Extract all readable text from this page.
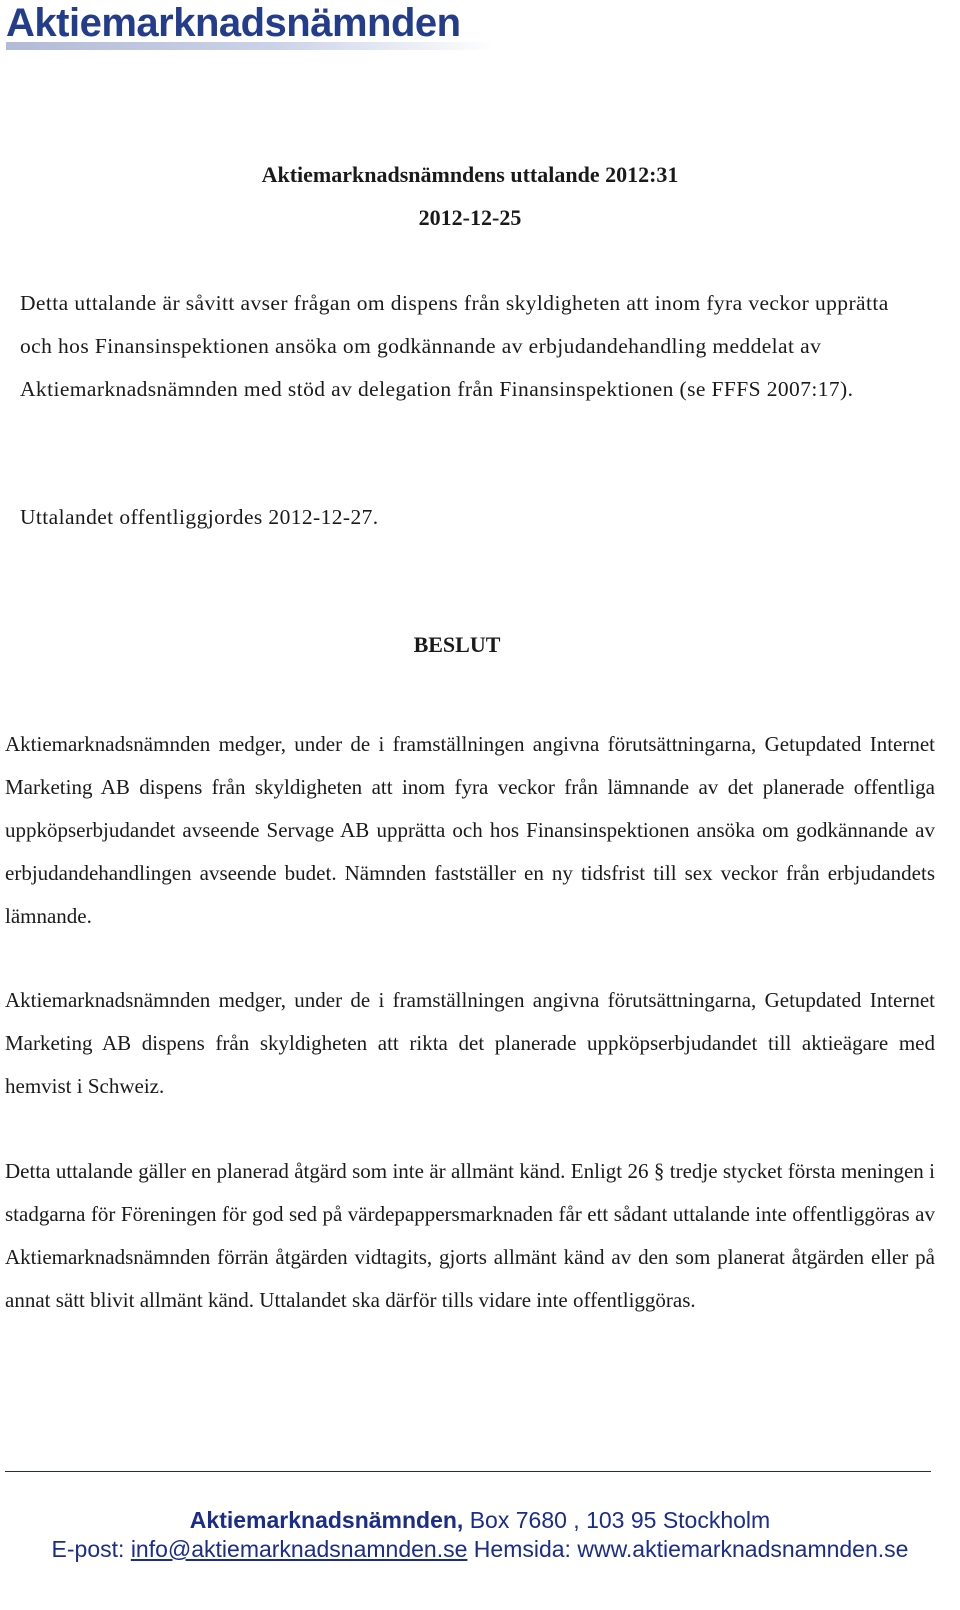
Aktiemarknadsnämnden
Aktiemarknadsnämndens uttalande 2012:31
2012-12-25

Detta uttalande är såvitt avser frågan om dispens från skyldigheten att inom fyra veckor upprätta och hos Finansinspektionen ansöka om godkännande av erbjudandehandling meddelat av Aktiemarknadsnämnden med stöd av delegation från Finansinspektionen (se FFFS 2007:17).

Uttalandet offentliggjordes 2012-12-27.

BESLUT

Aktiemarknadsnämnden medger, under de i framställningen angivna förutsättningarna, Getupdated Internet Marketing AB dispens från skyldigheten att inom fyra veckor från lämnande av det planerade offentliga uppköpserbjudandet avseende Servage AB upprätta och hos Finansinspektionen ansöka om godkännande av erbjudandehandlingen avseende budet. Nämnden fastställer en ny tidsfrist till sex veckor från erbjudandets lämnande.

Aktiemarknadsnämnden medger, under de i framställningen angivna förutsättningarna, Getupdated Internet Marketing AB dispens från skyldigheten att rikta det planerade uppköpserbjudandet till aktieägare med hemvist i Schweiz.

Detta uttalande gäller en planerad åtgärd som inte är allmänt känd. Enligt 26 § tredje stycket första meningen i stadgarna för Föreningen för god sed på värdepappersmarknaden får ett sådant uttalande inte offentliggöras av Aktiemarknadsnämnden förrän åtgärden vidtagits, gjorts allmänt känd av den som planerat åtgärden eller på annat sätt blivit allmänt känd. Uttalandet ska därför tills vidare inte offentliggöras.

Aktiemarknadsnämnden, Box 7680 , 103 95 Stockholm
E-post: info@aktiemarknadsnamnden.se Hemsida: www.aktiemarknadsnamnden.se
